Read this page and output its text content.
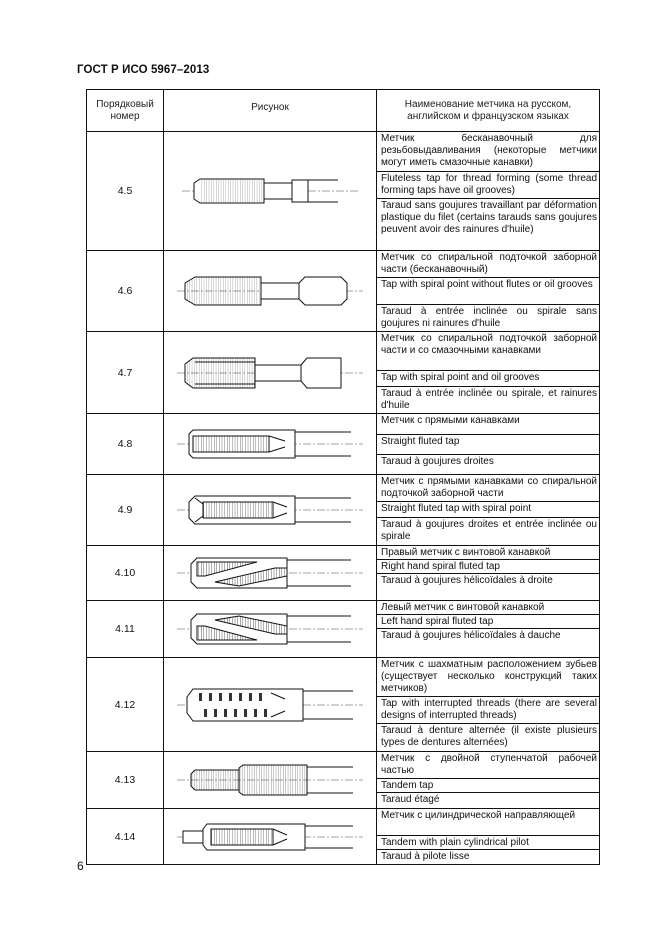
ГОСТ Р ИСО 5967–2013
Порядковый номер	Рисунок	Наименование метчика на русском, английском и французском языках
4.5		Метчик бесканавочный для резьбовыдавливания (некоторые метчики могут иметь смазочные канавки)
Fluteless tap for thread forming (some thread forming taps have oil grooves)
Taraud sans goujures travaillant par déformation plastique du filet (certains tarauds sans goujures peuvent avoir des rainures d'huile)

4.6		Метчик со спиральной подточкой заборной части (бесканавочный)
Tap with spiral point without flutes or oil grooves
Taraud à entrée inclinée ou spirale sans goujures ni rainures d'huile

4.7		Метчик со спиральной подточкой заборной части и со смазочными канавками
Tap with spiral point and oil grooves
Taraud à entrée inclinée ou spirale, et rainures d'huile

4.8		Метчик с прямыми канавками
Straight fluted tap
Taraud à goujures droites

4.9		Метчик с прямыми канавками со спиральной подточкой заборной части
Straight fluted tap with spiral point
Taraud à goujures droites et entrée inclinée ou spirale

4.10		Правый метчик с винтовой канавкой
Right hand spiral fluted tap
Taraud à goujures hélicoïdales à droite

4.11		Левый метчик с винтовой канавкой
Left hand spiral fluted tap
Taraud à goujures hélicoïdales à dauche

4.12		Метчик с шахматным расположением зубьев (существует несколько конструкций таких метчиков)
Tap with interrupted threads (there are several designs of interrupted threads)
Taraud à denture alternée (il existe plusieurs types de dentures alternées)

4.13		Метчик с двойной ступенчатой рабочей частью
Tandem tap
Taraud étagé

4.14		Метчик с цилиндрической направляющей
Tandem with plain cylindrical pilot
Taraud à pilote lisse
6
